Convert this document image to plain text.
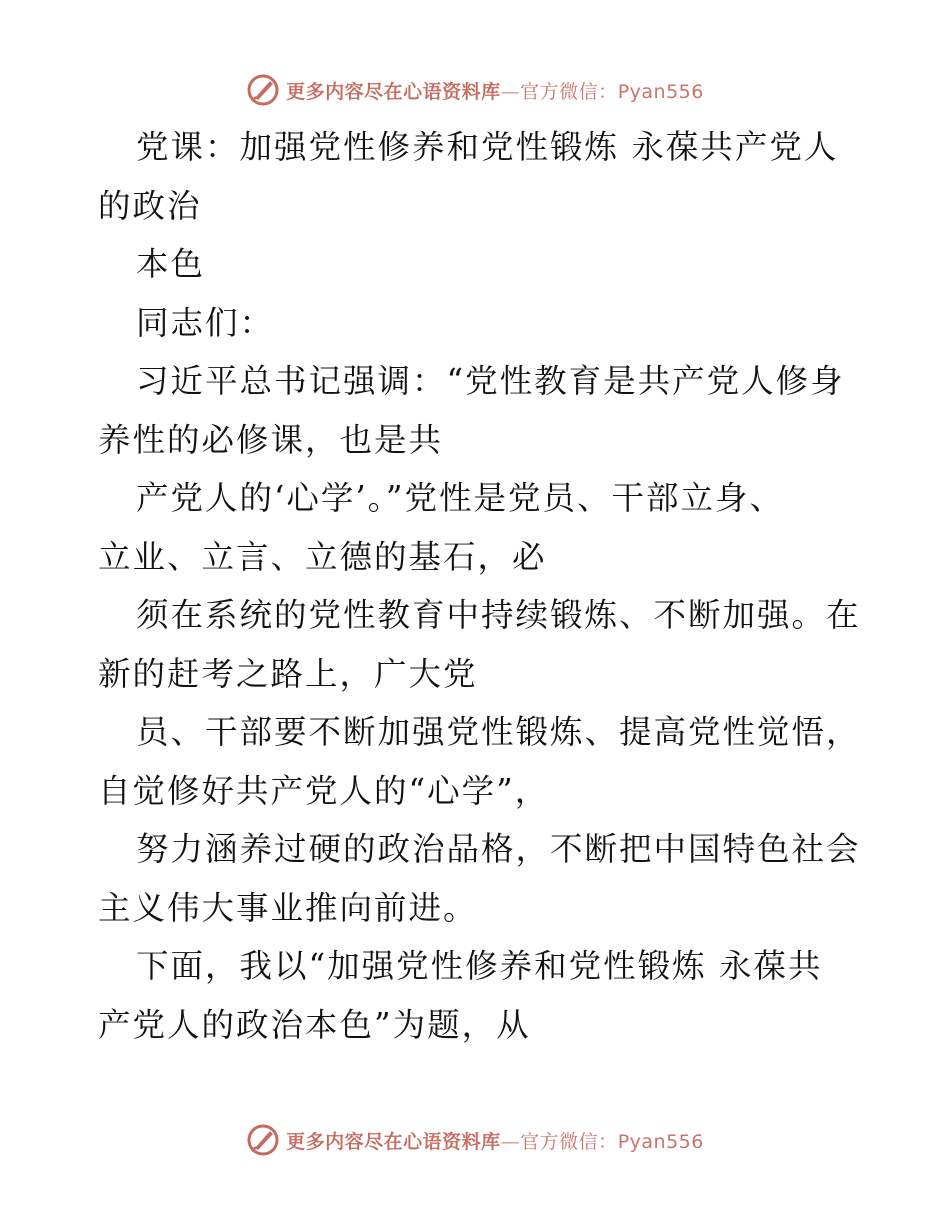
更多内容尽在心语资料库—官方微信：Pyan556

党课：加强党性修养和党性锻炼 永葆共产党人

的政治

本色

同志们：

习近平总书记强调：“党性教育是共产党人修身

养性的必修课，也是共

产党人的‘心学’。”党性是党员、干部立身、

立业、立言、立德的基石，必

须在系统的党性教育中持续锻炼、不断加强。在

新的赶考之路上，广大党

员、干部要不断加强党性锻炼、提高党性觉悟，

自觉修好共产党人的“心学”，

努力涵养过硬的政治品格，不断把中国特色社会

主义伟大事业推向前进。

下面，我以“加强党性修养和党性锻炼 永葆共

产党人的政治本色”为题，从

更多内容尽在心语资料库—官方微信：Pyan556
